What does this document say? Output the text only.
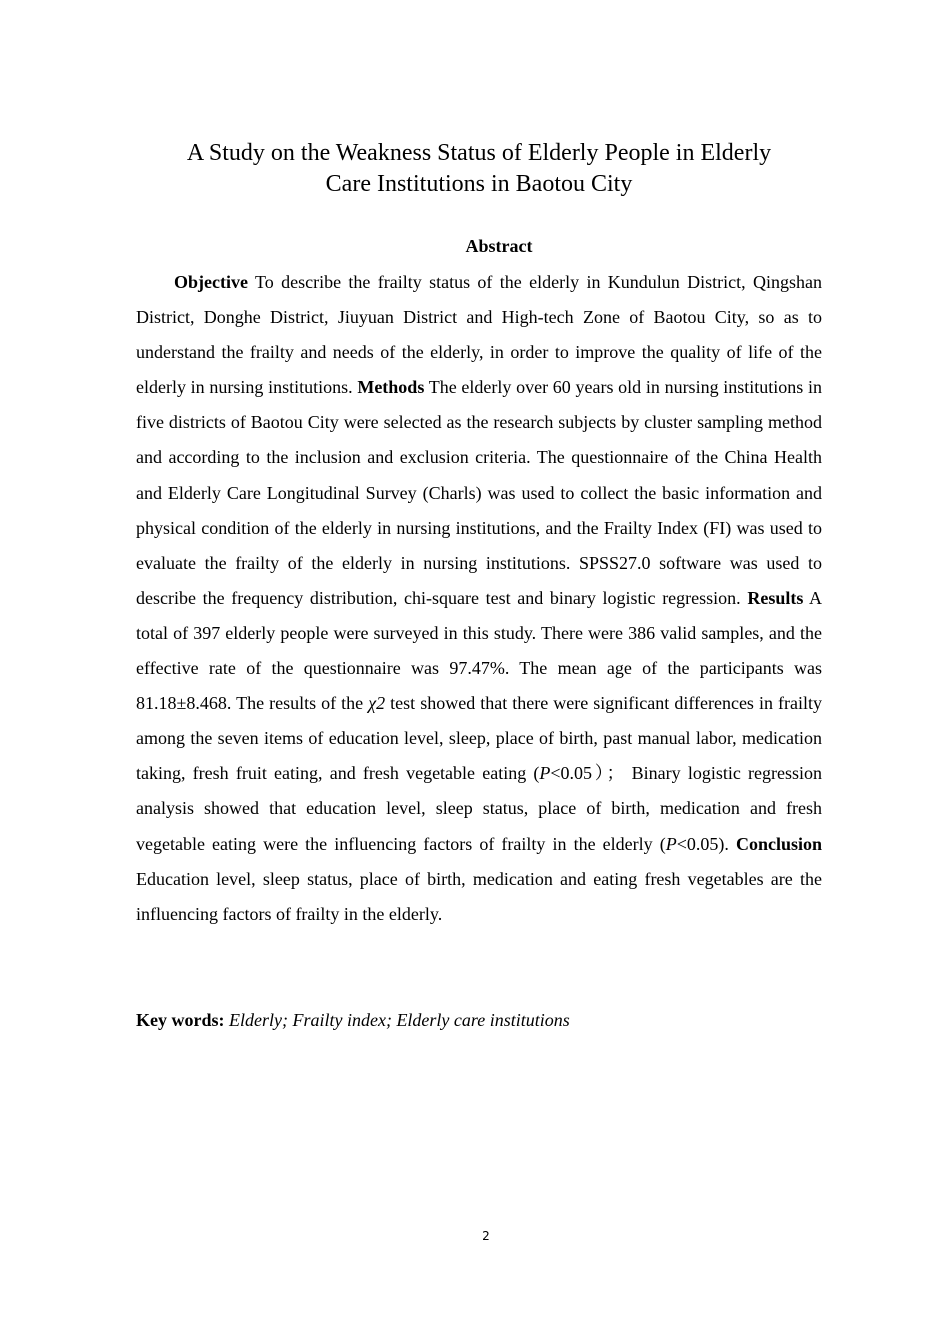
A Study on the Weakness Status of Elderly People in Elderly
Care Institutions in Baotou City
Abstract

Objective To describe the frailty status of the elderly in Kundulun District, Qingshan District, Donghe District, Jiuyuan District and High-tech Zone of Baotou City, so as to understand the frailty and needs of the elderly, in order to improve the quality of life of the elderly in nursing institutions. Methods The elderly over 60 years old in nursing institutions in five districts of Baotou City were selected as the research subjects by cluster sampling method and according to the inclusion and exclusion criteria. The questionnaire of the China Health and Elderly Care Longitudinal Survey (Charls) was used to collect the basic information and physical condition of the elderly in nursing institutions, and the Frailty Index (FI) was used to evaluate the frailty of the elderly in nursing institutions. SPSS27.0 software was used to describe the frequency distribution, chi-square test and binary logistic regression. Results A total of 397 elderly people were surveyed in this study. There were 386 valid samples, and the effective rate of the questionnaire was 97.47%. The mean age of the participants was 81.18±8.468. The results of the χ2 test showed that there were significant differences in frailty among the seven items of education level, sleep, place of birth, past manual labor, medication taking, fresh fruit eating, and fresh vegetable eating (P<0.05）； Binary logistic regression analysis showed that education level, sleep status, place of birth, medication and fresh vegetable eating were the influencing factors of frailty in the elderly (P<0.05). Conclusion Education level, sleep status, place of birth, medication and eating fresh vegetables are the influencing factors of frailty in the elderly.

Key words: Elderly; Frailty index; Elderly care institutions
2
